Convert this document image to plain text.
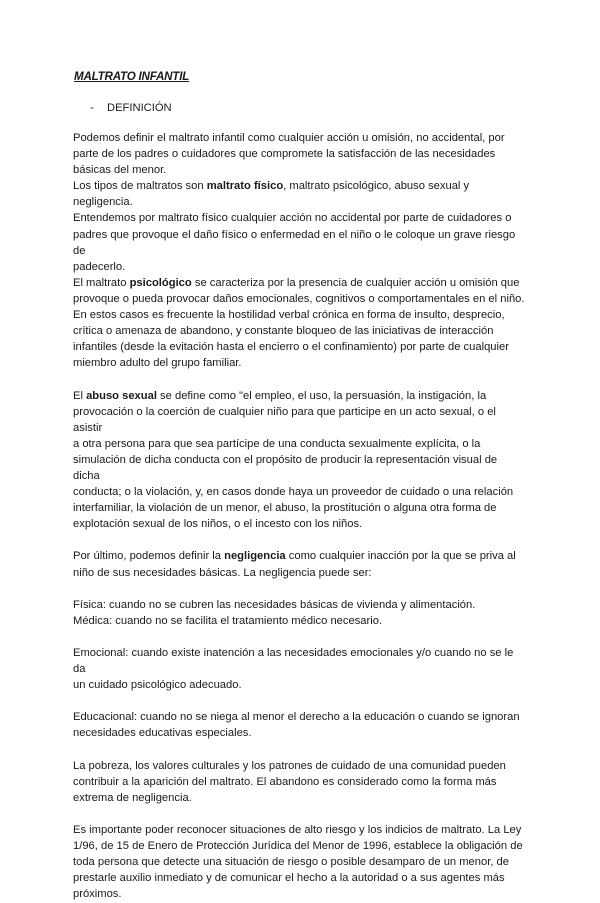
MALTRATO INFANTIL
- DEFINICIÓN
Podemos definir el maltrato infantil como cualquier acción u omisión, no accidental, por
parte de los padres o cuidadores que compromete la satisfacción de las necesidades
básicas del menor.
Los tipos de maltratos son maltrato físico, maltrato psicológico, abuso sexual y negligencia.
Entendemos por maltrato físico cualquier acción no accidental por parte de cuidadores o
padres que provoque el daño físico o enfermedad en el niño o le coloque un grave riesgo de
padecerlo.
El maltrato psicológico se caracteriza por la presencia de cualquier acción u omisión que
provoque o pueda provocar daños emocionales, cognitivos o comportamentales en el niño.
En estos casos es frecuente la hostilidad verbal crónica en forma de insulto, desprecio,
crítica o amenaza de abandono, y constante bloqueo de las iniciativas de interacción
infantiles (desde la evitación hasta el encierro o el confinamiento) por parte de cualquier
miembro adulto del grupo familiar.
El abuso sexual se define como "el empleo, el uso, la persuasión, la instigación, la
provocación o la coerción de cualquier niño para que participe en un acto sexual, o el asistir
a otra persona para que sea partícipe de una conducta sexualmente explícita, o la
simulación de dicha conducta con el propósito de producir la representación visual de dicha
conducta; o la violación, y, en casos donde haya un proveedor de cuidado o una relación
interfamiliar, la violación de un menor, el abuso, la prostitución o alguna otra forma de
explotación sexual de los niños, o el incesto con los niños.
Por último, podemos definir la negligencia como cualquier inacción por la que se priva al
niño de sus necesidades básicas. La negligencia puede ser:
Física: cuando no se cubren las necesidades básicas de vivienda y alimentación.
Médica: cuando no se facilita el tratamiento médico necesario.
Emocional: cuando existe inatención a las necesidades emocionales y/o cuando no se le da
un cuidado psicológico adecuado.
Educacional: cuando no se niega al menor el derecho a la educación o cuando se ignoran
necesidades educativas especiales.
La pobreza, los valores culturales y los patrones de cuidado de una comunidad pueden
contribuir a la aparición del maltrato. El abandono es considerado como la forma más
extrema de negligencia.
Es importante poder reconocer situaciones de alto riesgo y los indicios de maltrato. La Ley
1/96, de 15 de Enero de Protección Jurídica del Menor de 1996, establece la obligación de
toda persona que detecte una situación de riesgo o posible desamparo de un menor, de
prestarle auxilio inmediato y de comunicar el hecho a la autoridad o a sus agentes más
próximos.
